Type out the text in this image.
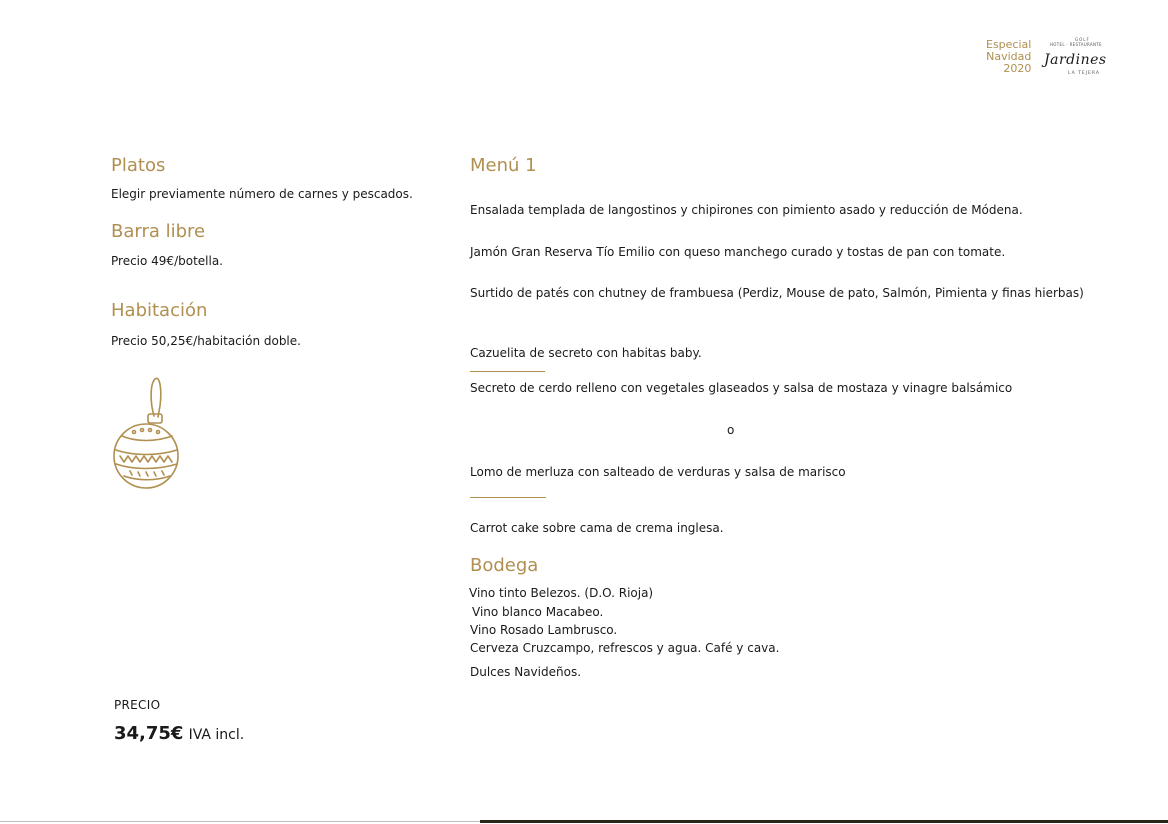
Especial
Navidad
2020
GOLF
HOTEL · RESTAURANTE
Jardines
LA TEJERA
Platos
Elegir previamente número de carnes y pescados.
Barra libre
Precio 49€/botella.
Habitación
Precio 50,25€/habitación doble.
PRECIO
34,75€ IVA incl.
Menú 1
Ensalada templada de langostinos y chipirones con pimiento asado y reducción de Módena.
Jamón Gran Reserva Tío Emilio con queso manchego curado y tostas de pan con tomate.
Surtido de patés con chutney de frambuesa (Perdiz, Mouse de pato, Salmón, Pimienta y finas hierbas)
Cazuelita de secreto con habitas baby.
Secreto de cerdo relleno con vegetales glaseados y salsa de mostaza y vinagre balsámico
o
Lomo de merluza con salteado de verduras y salsa de marisco
Carrot cake sobre cama de crema inglesa.
Bodega
Vino tinto Belezos. (D.O. Rioja)
Vino blanco Macabeo.
Vino Rosado Lambrusco.
Cerveza Cruzcampo, refrescos y agua. Café y cava.
Dulces Navideños.
